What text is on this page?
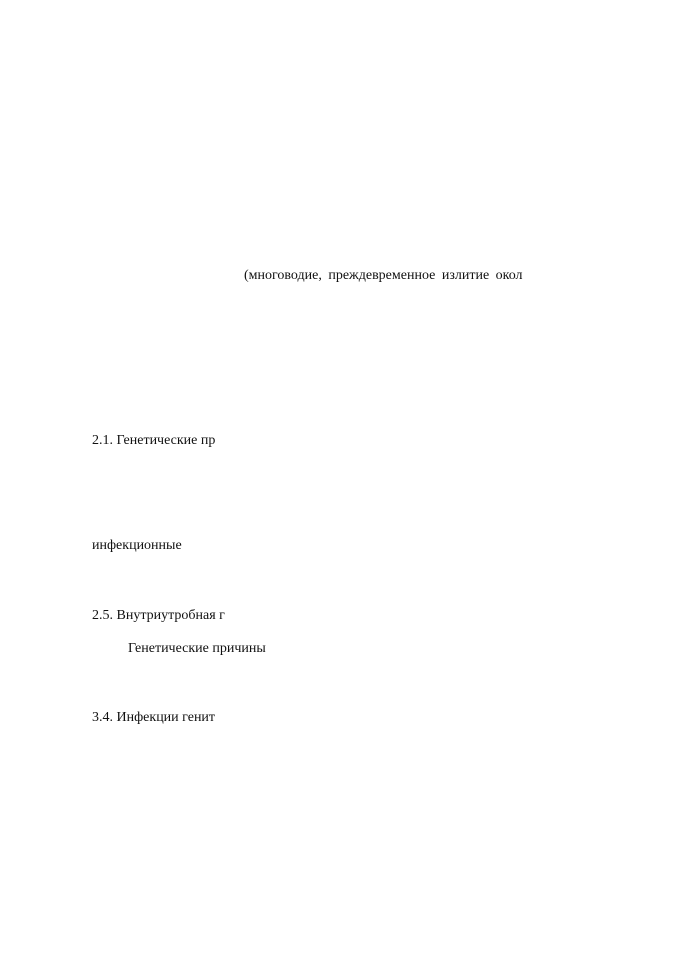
(многоводие, преждевременное излитие окол
2.1. Генетические пр
инфекционные
2.5. Внутриутробная г
Генетические причины
3.4. Инфекции генит
